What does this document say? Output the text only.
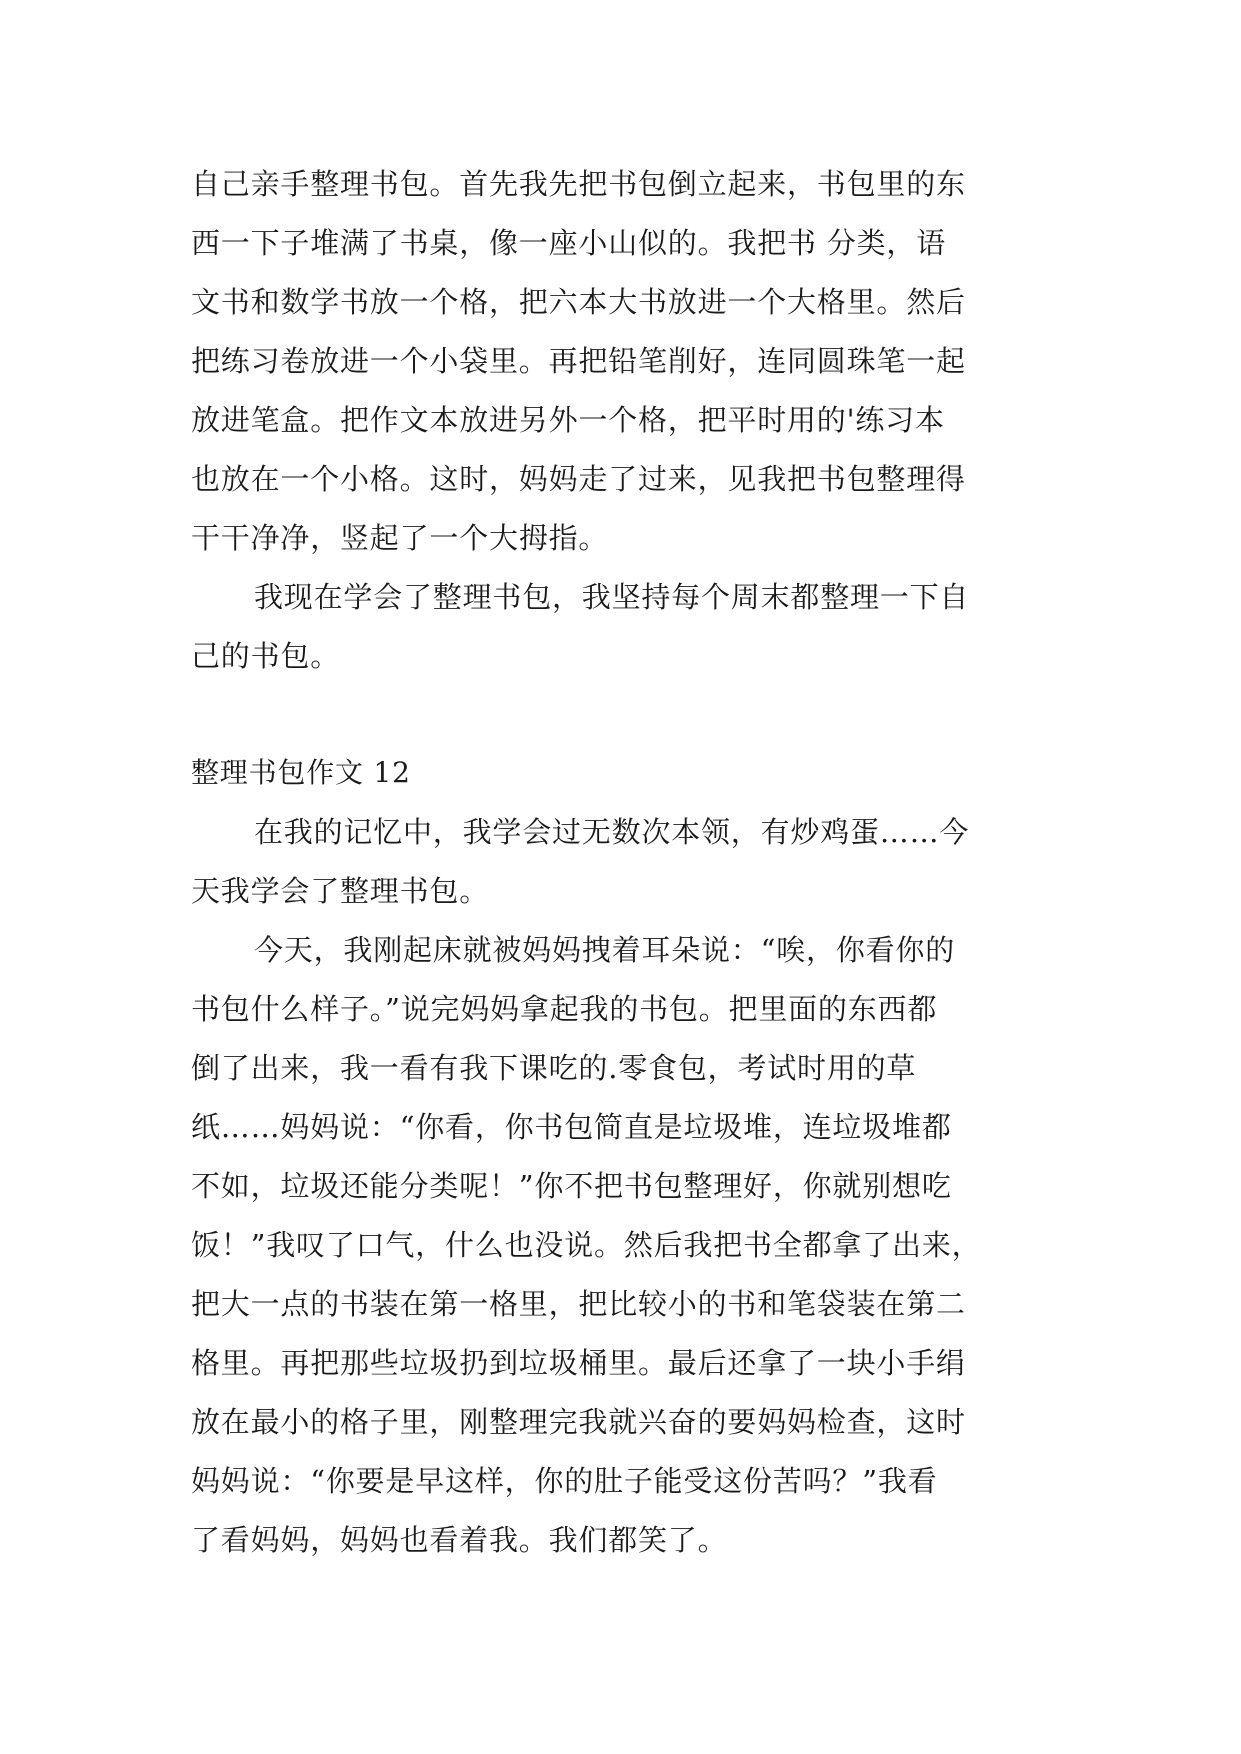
自己亲手整理书包。首先我先把书包倒立起来，书包里的东
西一下子堆满了书桌，像一座小山似的。我把书 分类，语
文书和数学书放一个格，把六本大书放进一个大格里。然后
把练习卷放进一个小袋里。再把铅笔削好，连同圆珠笔一起
放进笔盒。把作文本放进另外一个格，把平时用的'练习本
也放在一个小格。这时，妈妈走了过来，见我把书包整理得
干干净净，竖起了一个大拇指。
我现在学会了整理书包，我坚持每个周末都整理一下自
己的书包。
整理书包作文 12
在我的记忆中，我学会过无数次本领，有炒鸡蛋……今
天我学会了整理书包。
今天，我刚起床就被妈妈拽着耳朵说：“唉，你看你的
书包什么样子。”说完妈妈拿起我的书包。把里面的东西都
倒了出来，我一看有我下课吃的.零食包，考试时用的草
纸……妈妈说：“你看，你书包简直是垃圾堆，连垃圾堆都
不如，垃圾还能分类呢！”你不把书包整理好，你就别想吃
饭！”我叹了口气，什么也没说。然后我把书全都拿了出来，
把大一点的书装在第一格里，把比较小的书和笔袋装在第二
格里。再把那些垃圾扔到垃圾桶里。最后还拿了一块小手绢
放在最小的格子里，刚整理完我就兴奋的要妈妈检查，这时
妈妈说：“你要是早这样，你的肚子能受这份苦吗？”我看
了看妈妈，妈妈也看着我。我们都笑了。
